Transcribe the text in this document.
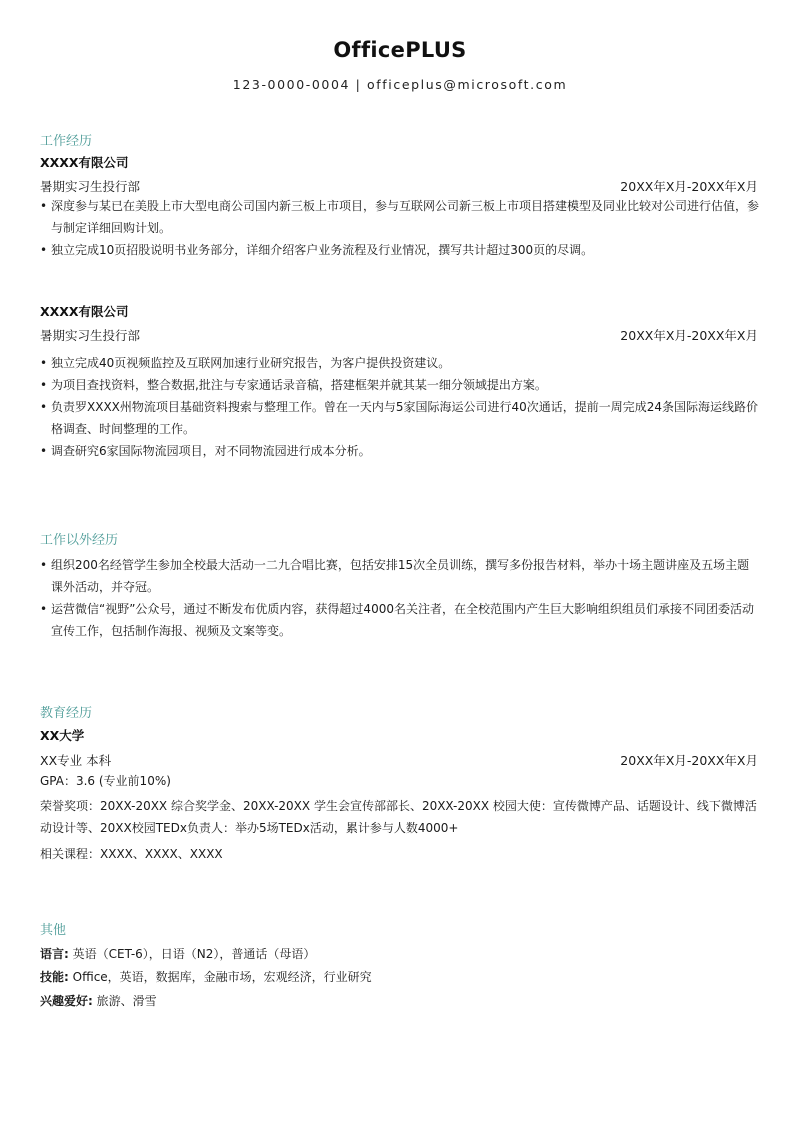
OfficePLUS
123-0000-0004 | officeplus@microsoft.com
工作经历
XXXX有限公司
暑期实习生投行部	20XX年X月-20XX年X月
• 深度参与某已在美股上市大型电商公司国内新三板上市项目，参与互联网公司新三板上市项目搭建模型及同业比较对公司进行估值，参与制定详细回购计划。
• 独立完成10页招股说明书业务部分，详细介绍客户业务流程及行业情况，撰写共计超过300页的尽调。
XXXX有限公司
暑期实习生投行部	20XX年X月-20XX年X月
• 独立完成40页视频监控及互联网加速行业研究报告，为客户提供投资建议。
• 为项目查找资料，整合数据,批注与专家通话录音稿，搭建框架并就其某一细分领域提出方案。
• 负责罗XXXX州物流项目基础资料搜索与整理工作。曾在一天内与5家国际海运公司进行40次通话，提前一周完成24条国际海运线路价格调查、时间整理的工作。
• 调查研究6家国际物流园项目，对不同物流园进行成本分析。
工作以外经历
• 组织200名经管学生参加全校最大活动一二九合唱比赛，包括安排15次全员训练，撰写多份报告材料，举办十场主题讲座及五场主题课外活动，并夺冠。
• 运营微信“视野”公众号，通过不断发布优质内容，获得超过4000名关注者，在全校范围内产生巨大影响组织组员们承接不同团委活动宣传工作，包括制作海报、视频及文案等变。
教育经历
XX大学
XX专业 本科	20XX年X月-20XX年X月
GPA：3.6 (专业前10%)
荣誉奖项：20XX-20XX 综合奖学金、20XX-20XX 学生会宣传部部长、20XX-20XX 校园大使：宣传微博产品、话题设计、线下微博活动设计等、20XX校园TEDx负责人：举办5场TEDx活动，累计参与人数4000+
相关课程：XXXX、XXXX、XXXX
其他
语言: 英语（CET-6），日语（N2），普通话（母语）
技能: Office，英语，数据库，金融市场，宏观经济，行业研究
兴趣爱好: 旅游、滑雪
